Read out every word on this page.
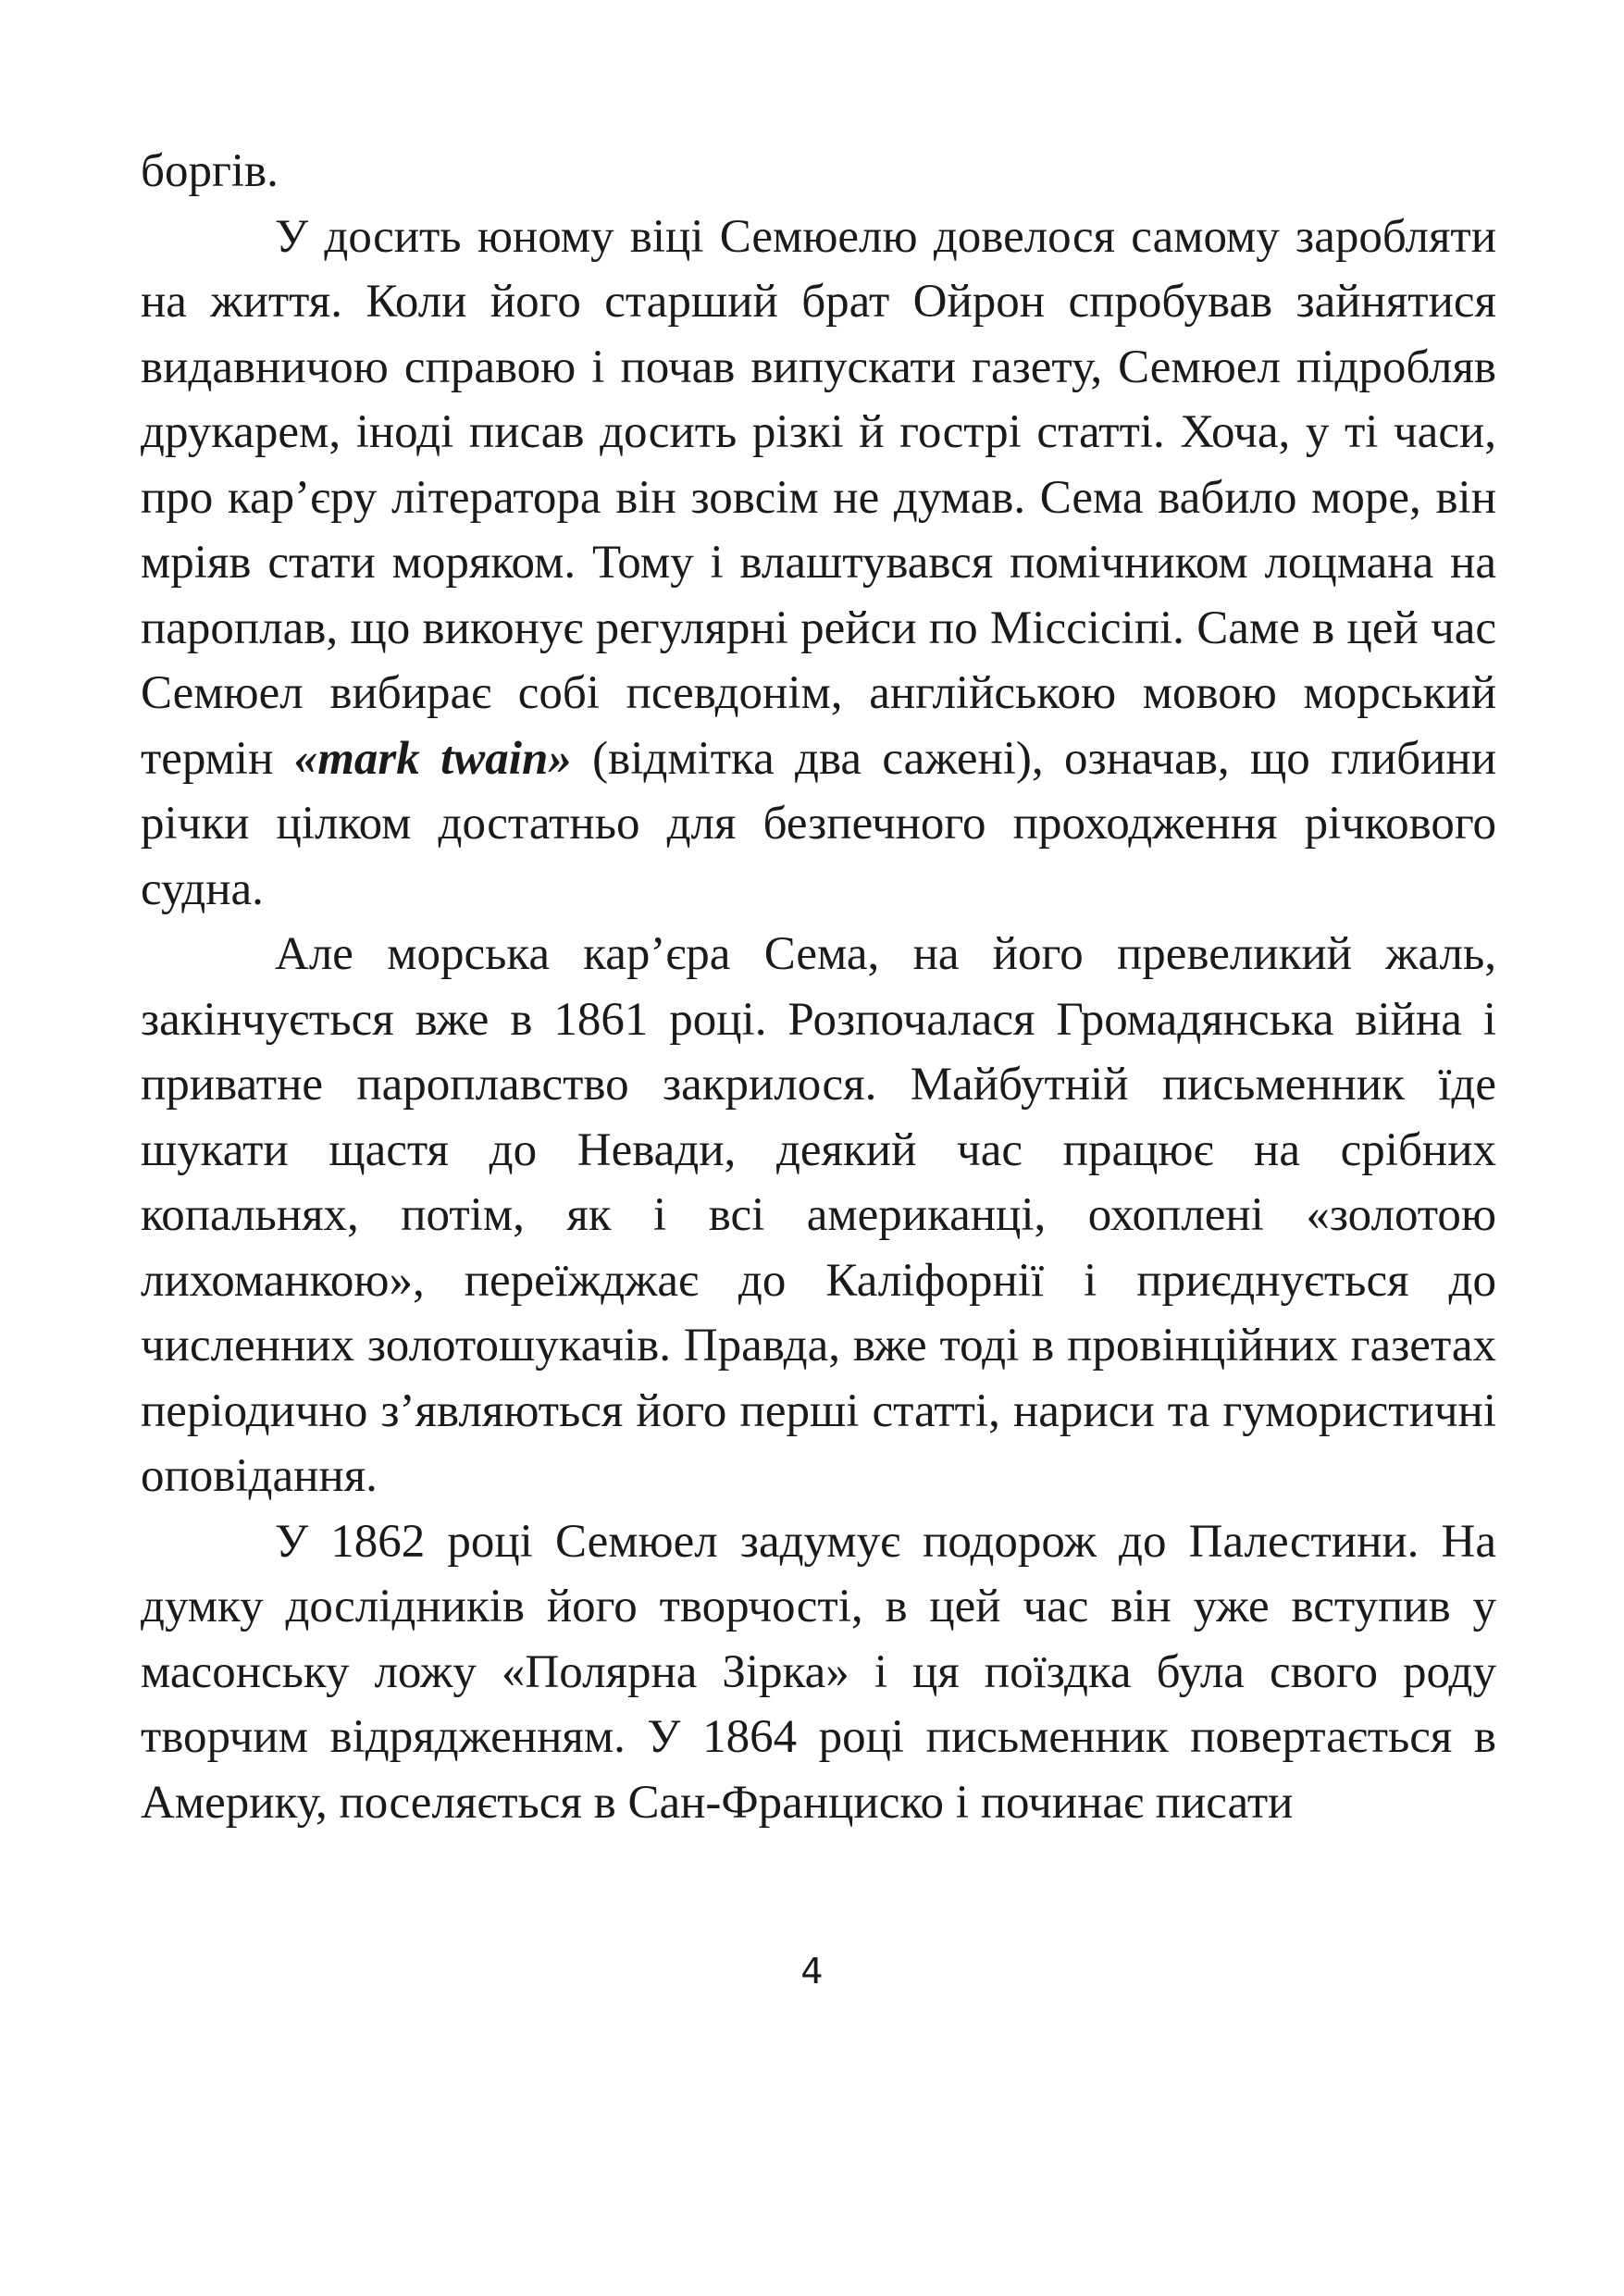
боргів.

У досить юному віці Семюелю довелося самому заробляти на життя. Коли його старший брат Ойрон спробував зайнятися видавничою справою і почав випускати газету, Семюел підробляв друкарем, іноді писав досить різкі й гострі статті. Хоча, у ті часи, про кар’єру літератора він зовсім не думав. Сема вабило море, він мріяв стати моряком. Тому і влаштувався помічником лоцмана на пароплав, що виконує регулярні рейси по Міссісіпі. Саме в цей час Семюел вибирає собі псевдонім, англійською мовою морський термін «mark twain» (відмітка два сажені), означав, що глибини річки цілком достатньо для безпечного проходження річкового судна.

Але морська кар’єра Сема, на його превеликий жаль, закінчується вже в 1861 році. Розпочалася Громадянська війна і приватне пароплавство закрилося. Майбутній письменник їде шукати щастя до Невади, деякий час працює на срібних копальнях, потім, як і всі американці, охоплені «золотою лихоманкою», переїжджає до Каліфорнії і приєднується до численних золотошукачів. Правда, вже тоді в провінційних газетах періодично з’являються його перші статті, нариси та гумористичні оповідання.

У 1862 році Семюел задумує подорож до Палестини. На думку дослідників його творчості, в цей час він уже вступив у масонську ложу «Полярна Зірка» і ця поїздка була свого роду творчим відрядженням. У 1864 році письменник повертається в Америку, поселяється в Сан-Франциско і починає писати

4
